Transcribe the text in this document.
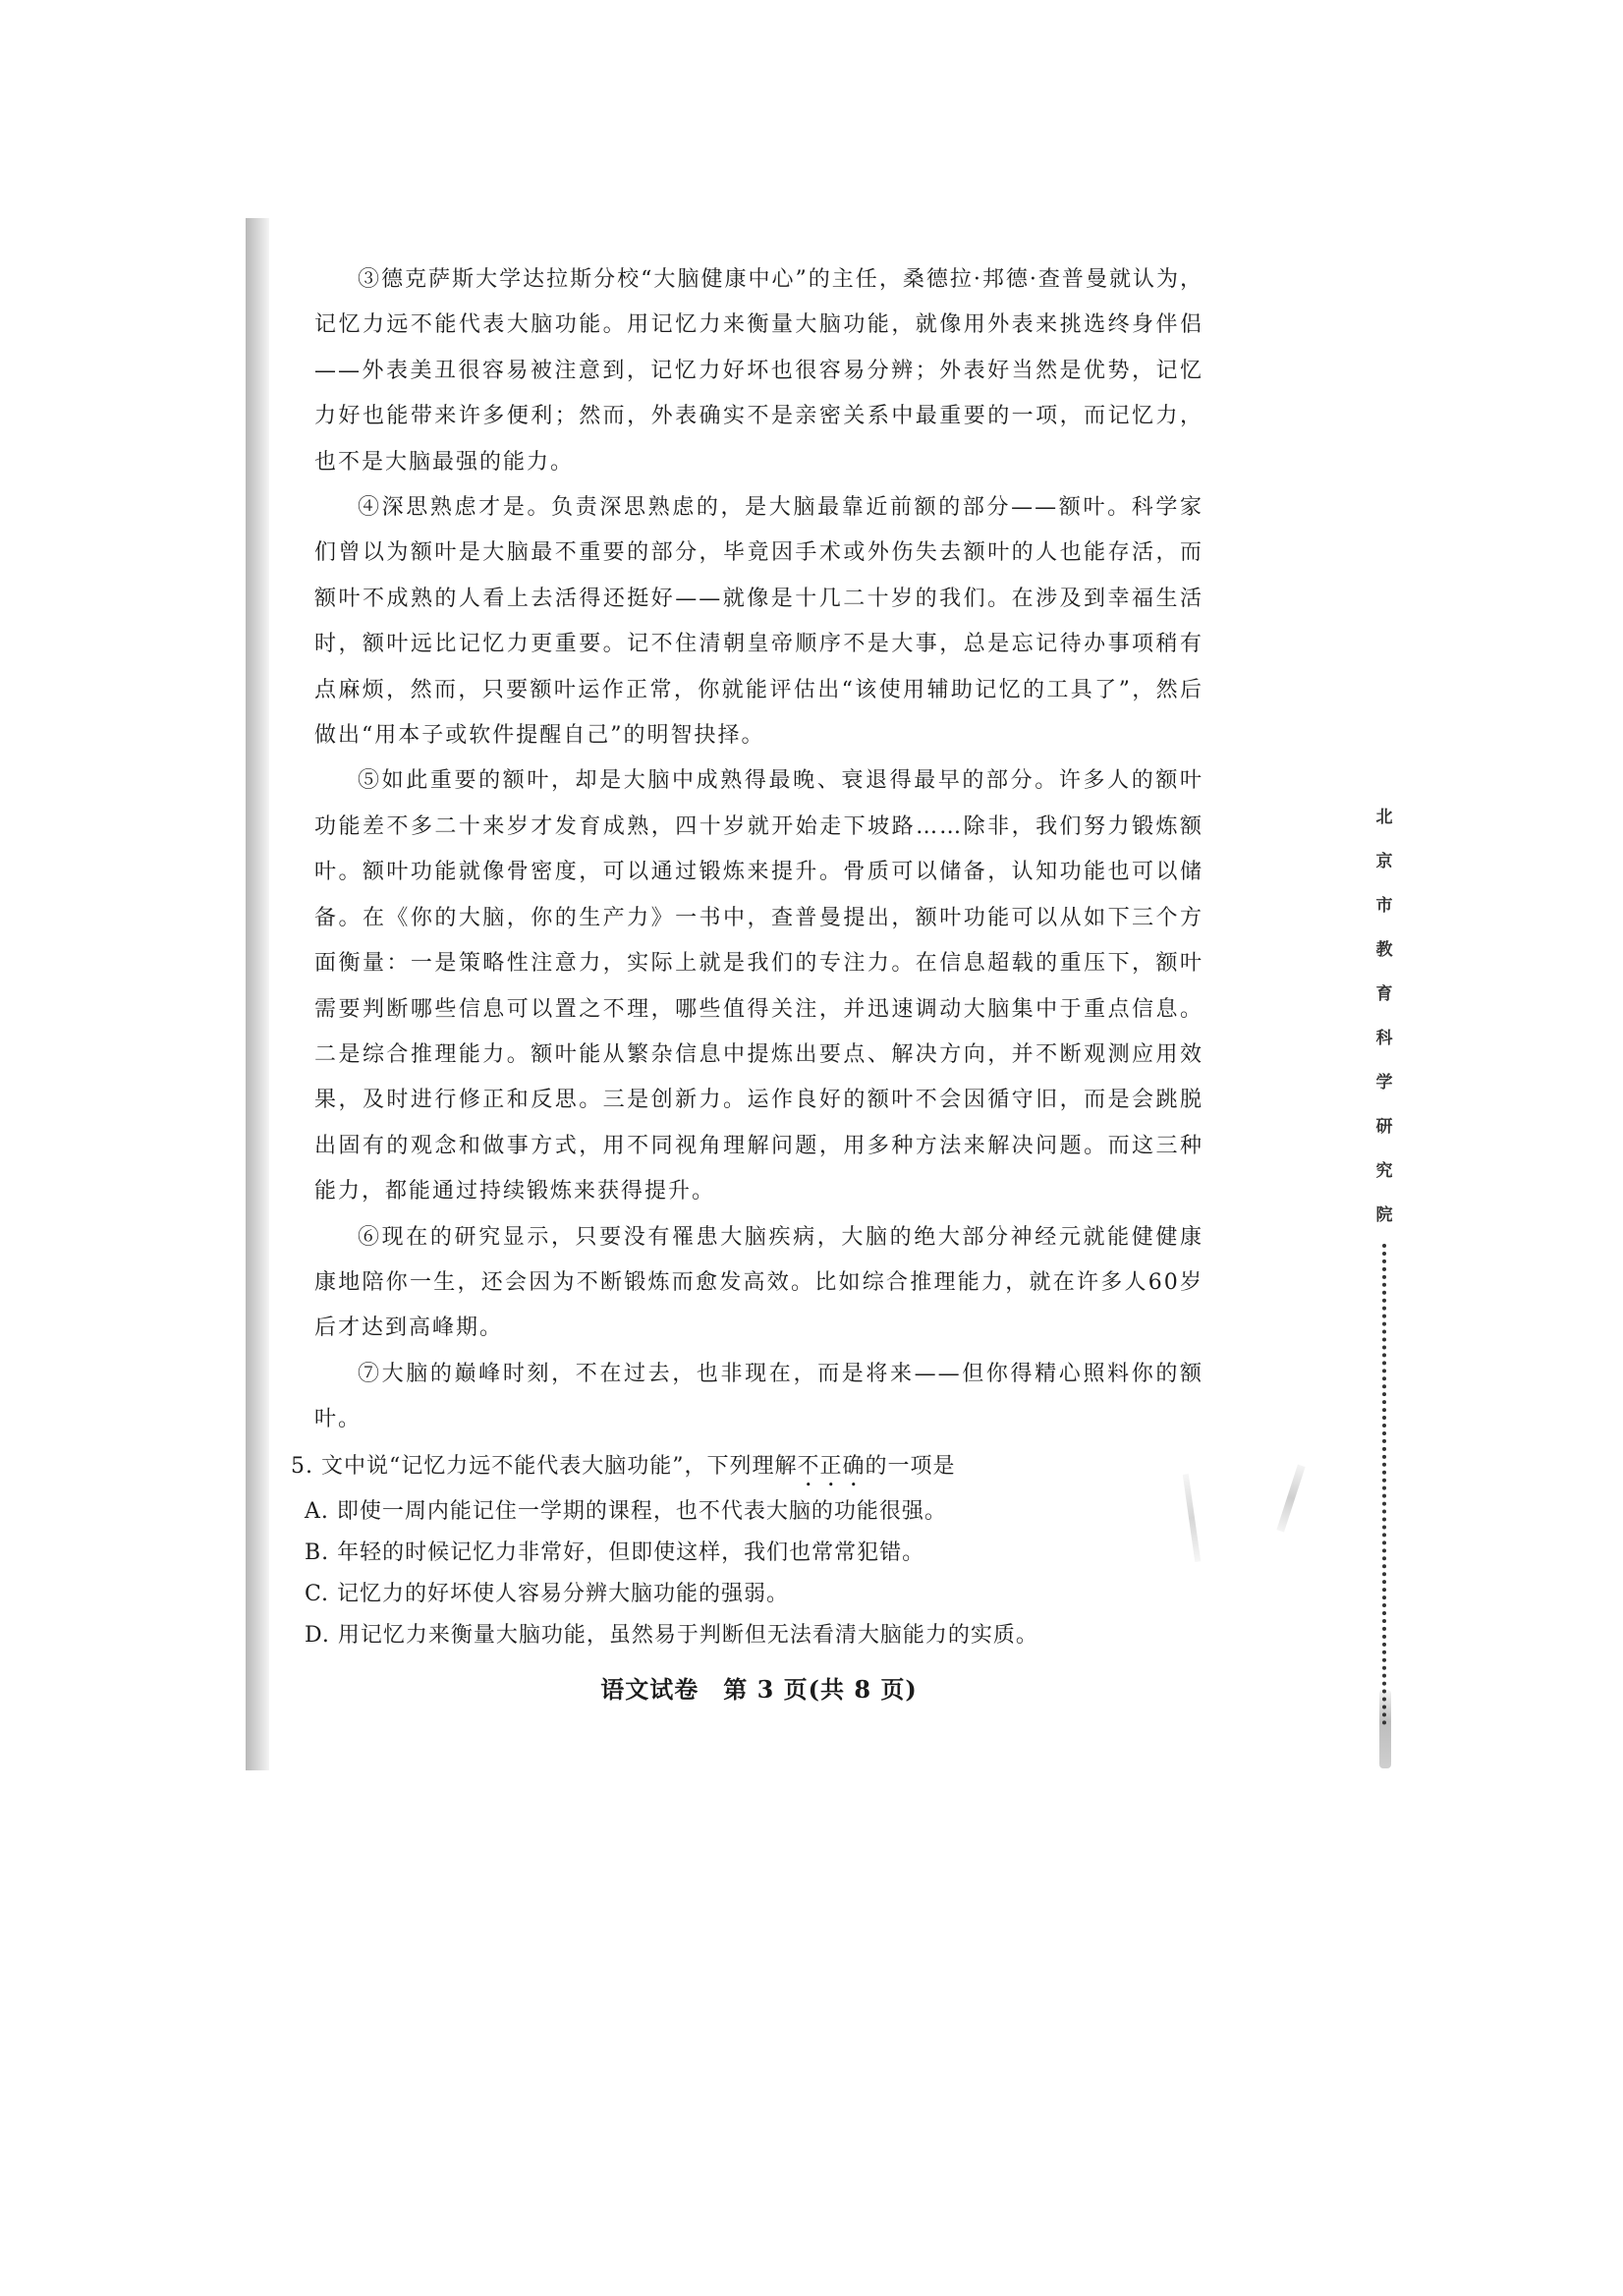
③德克萨斯大学达拉斯分校“大脑健康中心”的主任，桑德拉·邦德·查普曼就认为，记忆力远不能代表大脑功能。用记忆力来衡量大脑功能，就像用外表来挑选终身伴侣——外表美丑很容易被注意到，记忆力好坏也很容易分辨；外表好当然是优势，记忆力好也能带来许多便利；然而，外表确实不是亲密关系中最重要的一项，而记忆力，也不是大脑最强的能力。

④深思熟虑才是。负责深思熟虑的，是大脑最靠近前额的部分——额叶。科学家们曾以为额叶是大脑最不重要的部分，毕竟因手术或外伤失去额叶的人也能存活，而额叶不成熟的人看上去活得还挺好——就像是十几二十岁的我们。在涉及到幸福生活时，额叶远比记忆力更重要。记不住清朝皇帝顺序不是大事，总是忘记待办事项稍有点麻烦，然而，只要额叶运作正常，你就能评估出“该使用辅助记忆的工具了”，然后做出“用本子或软件提醒自己”的明智抉择。

⑤如此重要的额叶，却是大脑中成熟得最晚、衰退得最早的部分。许多人的额叶功能差不多二十来岁才发育成熟，四十岁就开始走下坡路……除非，我们努力锻炼额叶。额叶功能就像骨密度，可以通过锻炼来提升。骨质可以储备，认知功能也可以储备。在《你的大脑，你的生产力》一书中，查普曼提出，额叶功能可以从如下三个方面衡量：一是策略性注意力，实际上就是我们的专注力。在信息超载的重压下，额叶需要判断哪些信息可以置之不理，哪些值得关注，并迅速调动大脑集中于重点信息。二是综合推理能力。额叶能从繁杂信息中提炼出要点、解决方向，并不断观测应用效果，及时进行修正和反思。三是创新力。运作良好的额叶不会因循守旧，而是会跳脱出固有的观念和做事方式，用不同视角理解问题，用多种方法来解决问题。而这三种能力，都能通过持续锻炼来获得提升。

⑥现在的研究显示，只要没有罹患大脑疾病，大脑的绝大部分神经元就能健健康康地陪你一生，还会因为不断锻炼而愈发高效。比如综合推理能力，就在许多人60岁后才达到高峰期。

⑦大脑的巅峰时刻，不在过去，也非现在，而是将来——但你得精心照料你的额叶。

5. 文中说“记忆力远不能代表大脑功能”，下列理解不正确的一项是

A. 即使一周内能记住一学期的课程，也不代表大脑的功能很强。

B. 年轻的时候记忆力非常好，但即使这样，我们也常常犯错。

C. 记忆力的好坏使人容易分辨大脑功能的强弱。

D. 用记忆力来衡量大脑功能，虽然易于判断但无法看清大脑能力的实质。

语文试卷　第 3 页(共 8 页)
北
京
市
教
育
科
学
研
究
院
